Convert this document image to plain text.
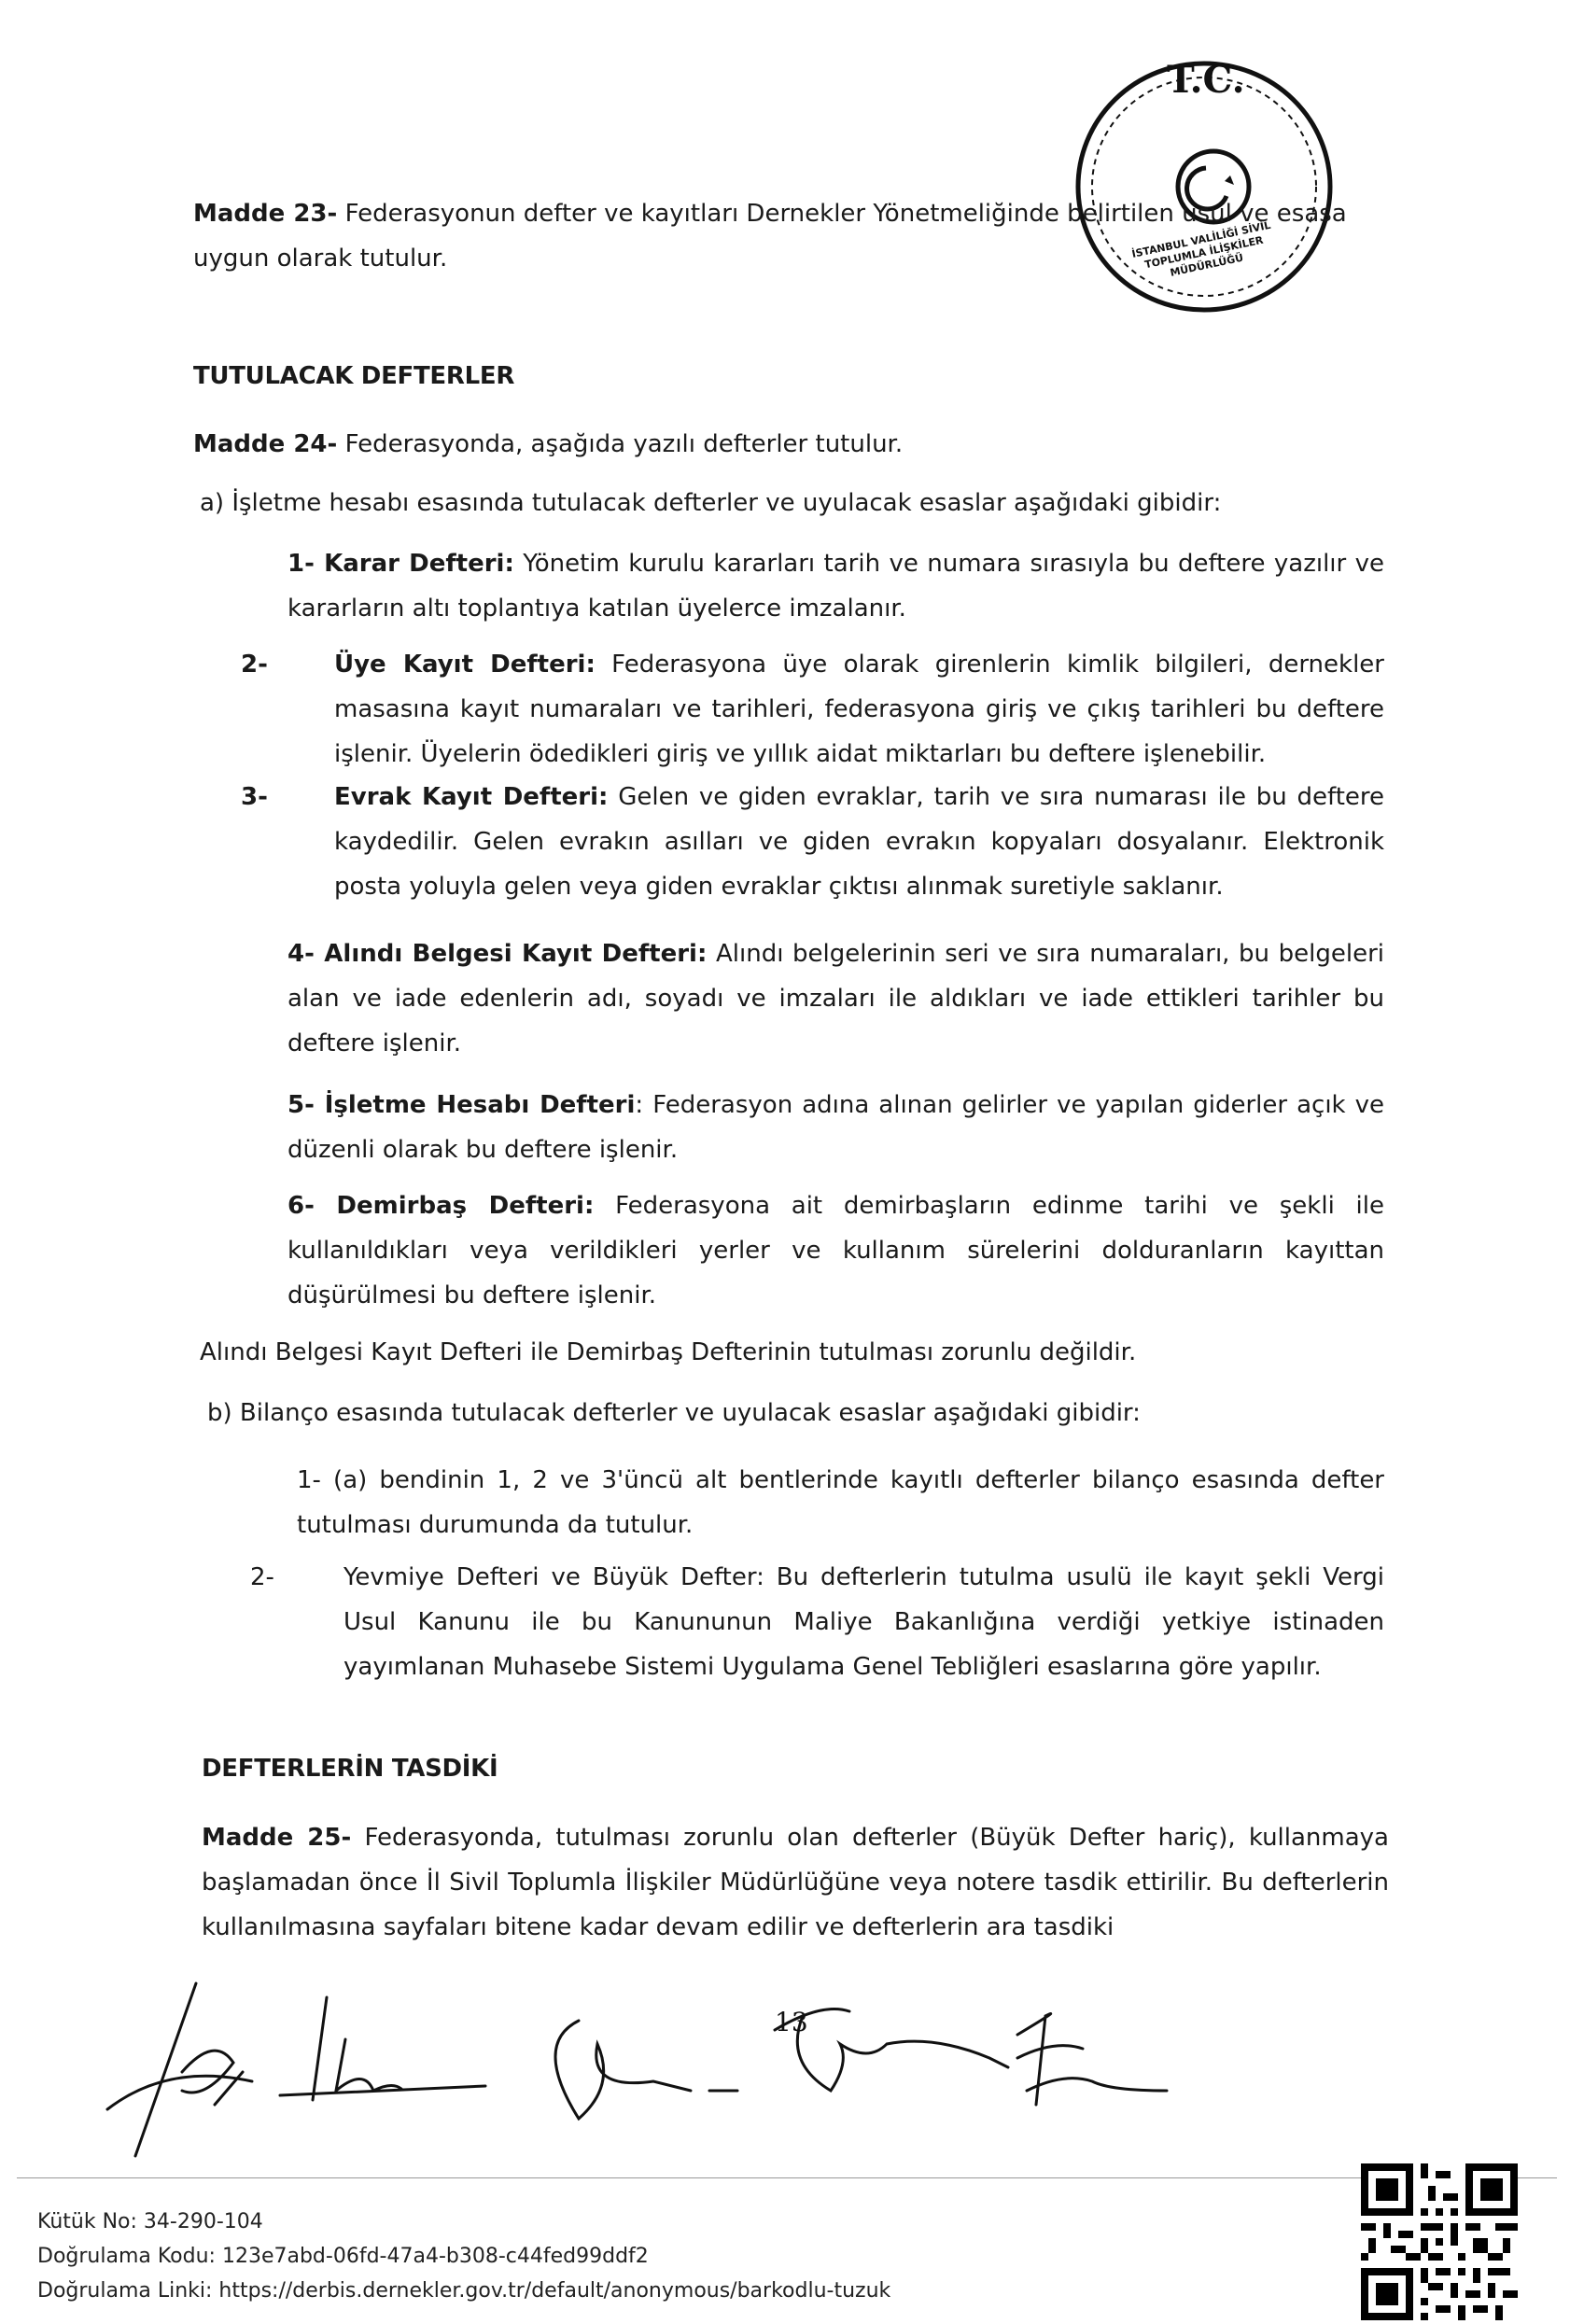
T.C.
İSTANBUL VALİLİĞİ SİVİL TOPLUMLA İLİŞKİLER MÜDÜRLÜĞÜ
Madde 23- Federasyonun defter ve kayıtları Dernekler Yönetmeliğinde belirtilen usul ve esasa
uygun olarak tutulur.
TUTULACAK DEFTERLER
Madde 24- Federasyonda, aşağıda yazılı defterler tutulur.
a) İşletme hesabı esasında tutulacak defterler ve uyulacak esaslar aşağıdaki gibidir:
1- Karar Defteri: Yönetim kurulu kararları tarih ve numara sırasıyla bu deftere yazılır ve kararların altı toplantıya katılan üyelerce imzalanır.
2-	Üye Kayıt Defteri: Federasyona üye olarak girenlerin kimlik bilgileri, dernekler masasına kayıt numaraları ve tarihleri, federasyona giriş ve çıkış tarihleri bu deftere işlenir. Üyelerin ödedikleri giriş ve yıllık aidat miktarları bu deftere işlenebilir.
3-	Evrak Kayıt Defteri: Gelen ve giden evraklar, tarih ve sıra numarası ile bu deftere kaydedilir. Gelen evrakın asılları ve giden evrakın kopyaları dosyalanır. Elektronik posta yoluyla gelen veya giden evraklar çıktısı alınmak suretiyle saklanır.
4- Alındı Belgesi Kayıt Defteri: Alındı belgelerinin seri ve sıra numaraları, bu belgeleri alan ve iade edenlerin adı, soyadı ve imzaları ile aldıkları ve iade ettikleri tarihler bu deftere işlenir.
5- İşletme Hesabı Defteri: Federasyon adına alınan gelirler ve yapılan giderler açık ve düzenli olarak bu deftere işlenir.
6- Demirbaş Defteri: Federasyona ait demirbaşların edinme tarihi ve şekli ile kullanıldıkları veya verildikleri yerler ve kullanım sürelerini dolduranların kayıttan düşürülmesi bu deftere işlenir.
Alındı Belgesi Kayıt Defteri ile Demirbaş Defterinin tutulması zorunlu değildir.
b) Bilanço esasında tutulacak defterler ve uyulacak esaslar aşağıdaki gibidir:
1- (a) bendinin 1, 2 ve 3'üncü alt bentlerinde kayıtlı defterler bilanço esasında defter tutulması durumunda da tutulur.
2-	Yevmiye Defteri ve Büyük Defter: Bu defterlerin tutulma usulü ile kayıt şekli Vergi Usul Kanunu ile bu Kanununun Maliye Bakanlığına verdiği yetkiye istinaden yayımlanan Muhasebe Sistemi Uygulama Genel Tebliğleri esaslarına göre yapılır.
DEFTERLERİN TASDİKİ
Madde 25- Federasyonda, tutulması zorunlu olan defterler (Büyük Defter hariç), kullanmaya başlamadan önce İl Sivil Toplumla İlişkiler Müdürlüğüne veya notere tasdik ettirilir. Bu defterlerin kullanılmasına sayfaları bitene kadar devam edilir ve defterlerin ara tasdiki
13
Kütük No: 34-290-104
Doğrulama Kodu: 123e7abd-06fd-47a4-b308-c44fed99ddf2
Doğrulama Linki: https://derbis.dernekler.gov.tr/default/anonymous/barkodlu-tuzuk
